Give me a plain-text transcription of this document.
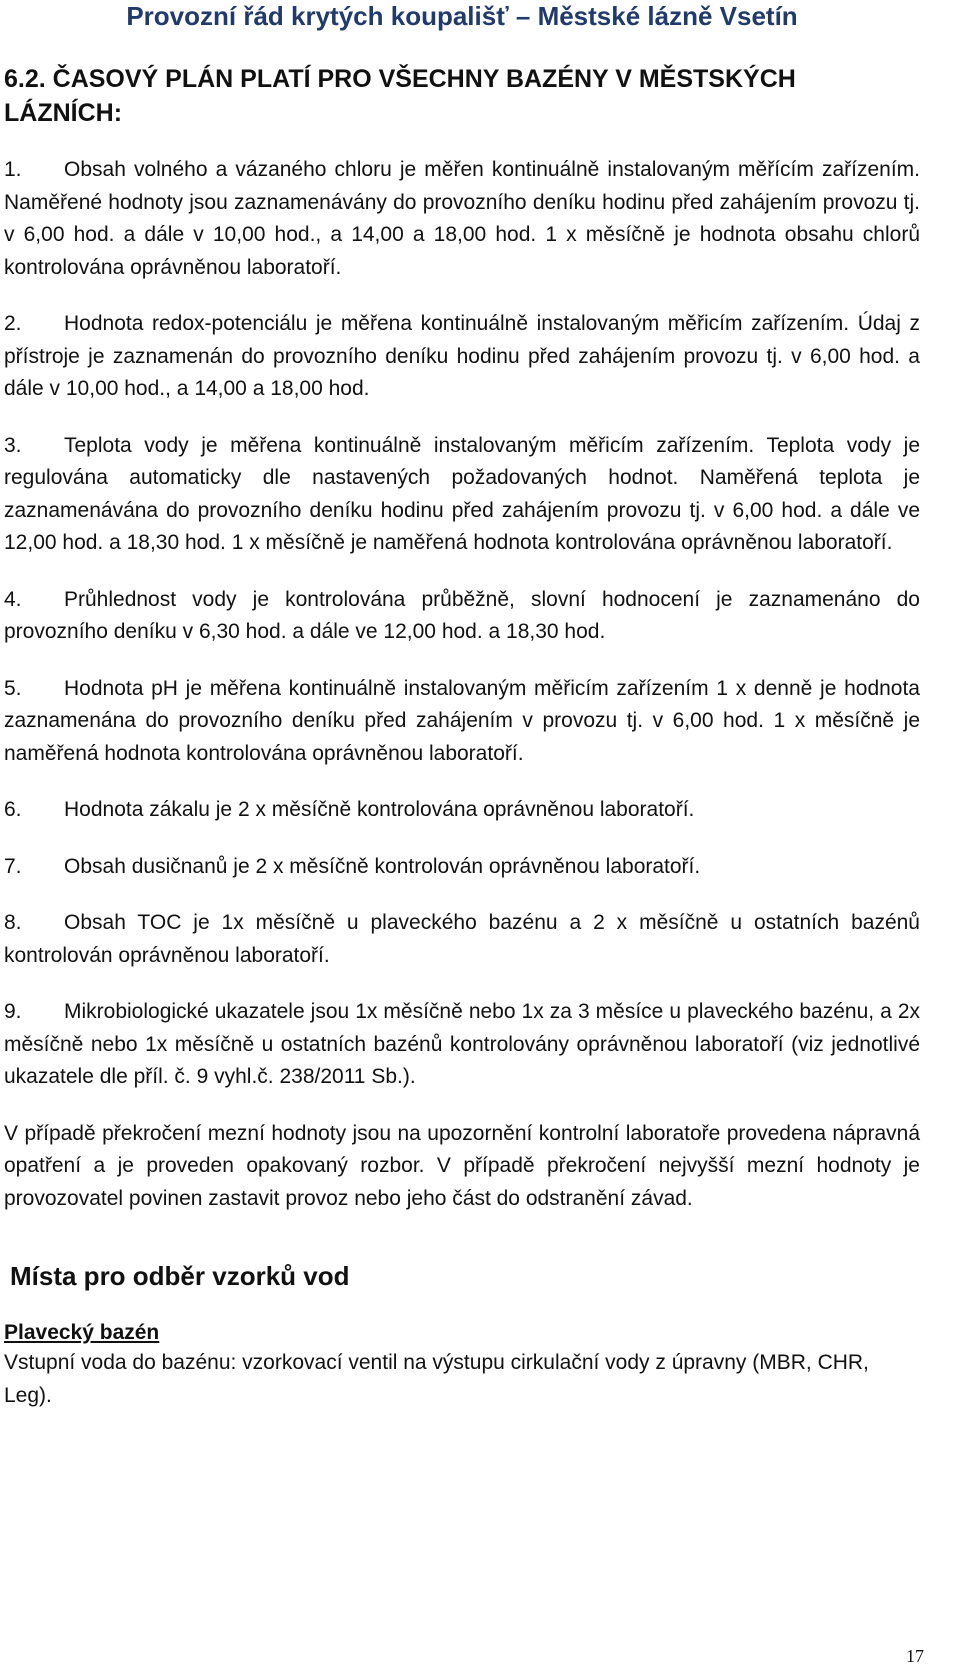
Provozní řád krytých koupališť – Městské lázně Vsetín
6.2. ČASOVÝ PLÁN PLATÍ PRO VŠECHNY BAZÉNY V MĚSTSKÝCH LÁZNÍCH:

1. Obsah volného a vázaného chloru je měřen kontinuálně instalovaným měřícím zařízením. Naměřené hodnoty jsou zaznamenávány do provozního deníku hodinu před zahájením provozu tj. v 6,00 hod. a dále v 10,00 hod., a 14,00 a 18,00 hod. 1 x měsíčně je hodnota obsahu chlorů kontrolována oprávněnou laboratoří.

2. Hodnota redox-potenciálu je měřena kontinuálně instalovaným měřicím zařízením. Údaj z přístroje je zaznamenán do provozního deníku hodinu před zahájením provozu tj. v 6,00 hod. a dále v 10,00 hod., a 14,00 a 18,00 hod.

3. Teplota vody je měřena kontinuálně instalovaným měřicím zařízením. Teplota vody je regulována automaticky dle nastavených požadovaných hodnot. Naměřená teplota je zaznamenávána do provozního deníku hodinu před zahájením provozu tj. v 6,00 hod. a dále ve 12,00 hod. a 18,30 hod. 1 x měsíčně je naměřená hodnota kontrolována oprávněnou laboratoří.

4. Průhlednost vody je kontrolována průběžně, slovní hodnocení je zaznamenáno do provozního deníku v 6,30 hod. a dále ve 12,00 hod. a 18,30 hod.

5. Hodnota pH je měřena kontinuálně instalovaným měřicím zařízením 1 x denně je hodnota zaznamenána do provozního deníku před zahájením v provozu tj. v 6,00 hod. 1 x měsíčně je naměřená hodnota kontrolována oprávněnou laboratoří.

6. Hodnota zákalu je 2 x měsíčně kontrolována oprávněnou laboratoří.

7. Obsah dusičnanů je 2 x měsíčně kontrolován oprávněnou laboratoří.

8. Obsah TOC je 1x měsíčně u plaveckého bazénu a 2 x měsíčně u ostatních bazénů kontrolován oprávněnou laboratoří.

9. Mikrobiologické ukazatele jsou 1x měsíčně nebo 1x za 3 měsíce u plaveckého bazénu, a 2x měsíčně nebo 1x měsíčně u ostatních bazénů kontrolovány oprávněnou laboratoří (viz jednotlivé ukazatele dle příl. č. 9 vyhl.č. 238/2011 Sb.).

V případě překročení mezní hodnoty jsou na upozornění kontrolní laboratoře provedena nápravná opatření a je proveden opakovaný rozbor. V případě překročení nejvyšší mezní hodnoty je provozovatel povinen zastavit provoz nebo jeho část do odstranění závad.

Místa pro odběr vzorků vod

Plavecký bazén

Vstupní voda do bazénu: vzorkovací ventil na výstupu cirkulační vody z úpravny (MBR, CHR, Leg).

17
